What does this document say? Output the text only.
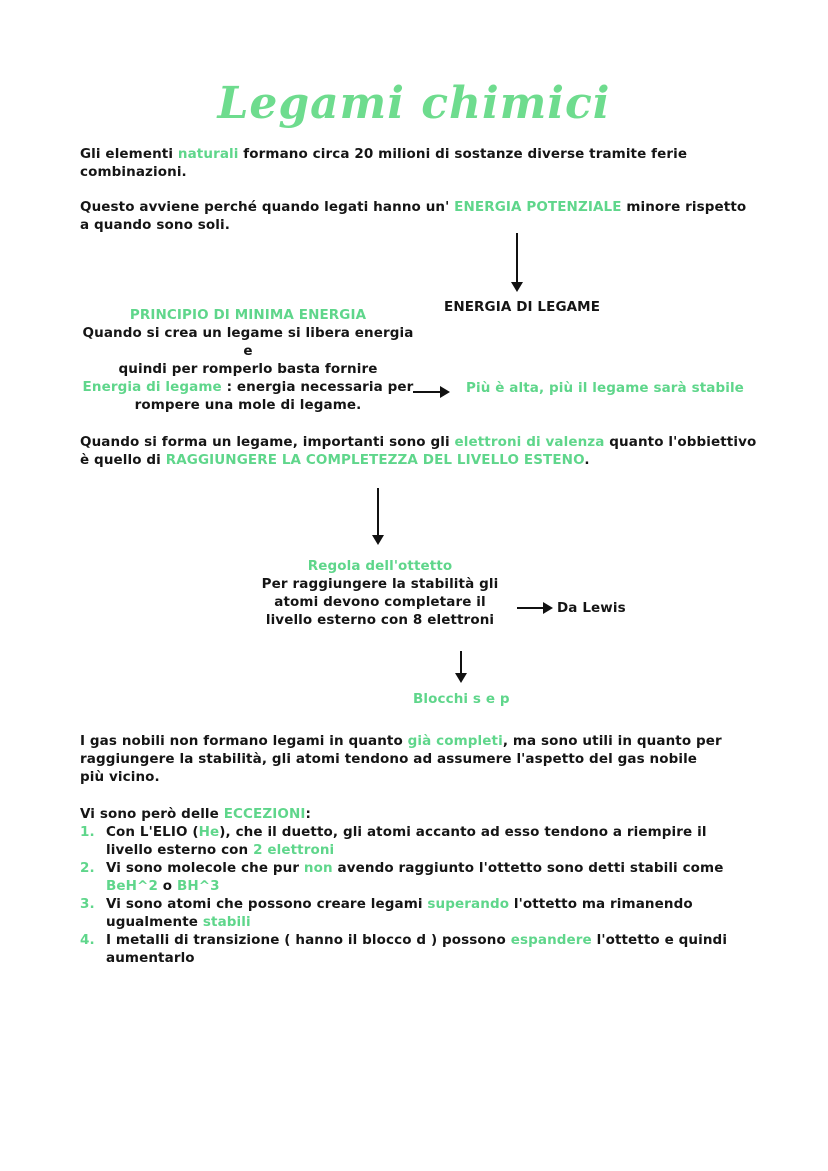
Legami chimici
Gli elementi naturali formano circa 20 milioni di sostanze diverse tramite ferie combinazioni.
Questo avviene perché quando legati hanno un' ENERGIA POTENZIALE minore rispetto a quando sono soli.
ENERGIA DI LEGAME
PRINCIPIO DI MINIMA ENERGIA
Quando si crea un legame si libera energia e
quindi per romperlo basta fornire
Energia di legame : energia necessaria per
rompere una mole di legame.
Più è alta, più il legame sarà stabile
Quando si forma un legame, importanti sono gli elettroni di valenza quanto l'obbiettivo è quello di RAGGIUNGERE LA COMPLETEZZA DEL LIVELLO ESTENO.
Regola dell'ottetto
Per raggiungere la stabilità gli
atomi devono completare il
livello esterno con 8 elettroni
Da Lewis
Blocchi s e p
I gas nobili non formano legami in quanto già completi, ma sono utili in quanto per raggiungere la stabilità, gli atomi tendono ad assumere l'aspetto del gas nobile più vicino.
Vi sono però delle ECCEZIONI:
1. Con L'ELIO (He), che il duetto, gli atomi accanto ad esso tendono a riempire il livello esterno con 2 elettroni
2. Vi sono molecole che pur non avendo raggiunto l'ottetto sono detti stabili come
BeH^2 o BH^3
3. Vi sono atomi che possono creare legami superando l'ottetto ma rimanendo ugualmente stabili
4. I metalli di transizione ( hanno il blocco d ) possono espandere l'ottetto e quindi aumentarlo
